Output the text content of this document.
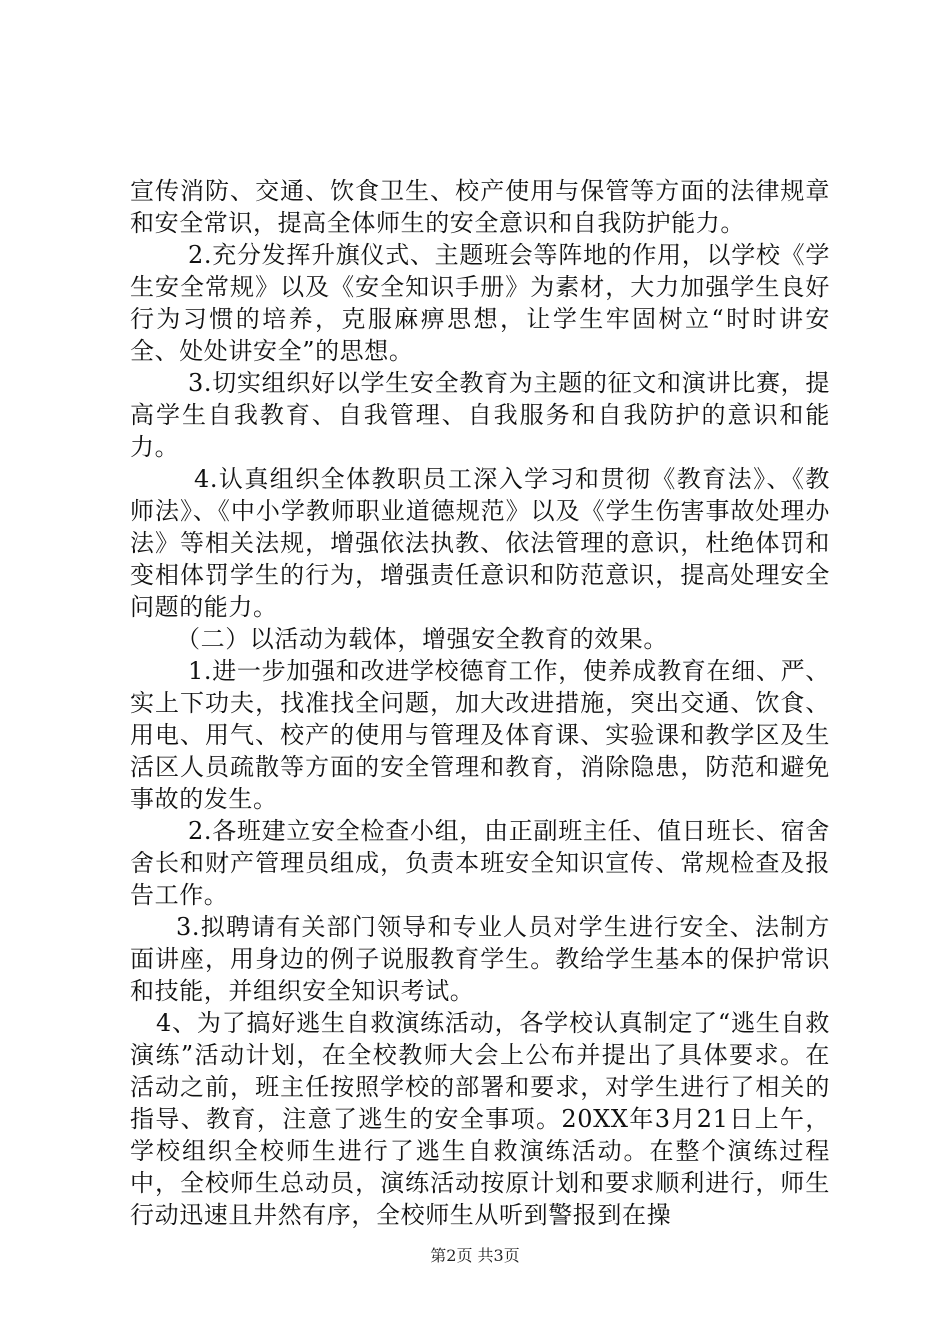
宣传消防、交通、饮食卫生、校产使用与保管等方面的法律规章和安全常识，提高全体师生的安全意识和自我防护能力。

2.充分发挥升旗仪式、主题班会等阵地的作用，以学校《学生安全常规》以及《安全知识手册》为素材，大力加强学生良好行为习惯的培养，克服麻痹思想，让学生牢固树立“时时讲安全、处处讲安全”的思想。

3.切实组织好以学生安全教育为主题的征文和演讲比赛，提高学生自我教育、自我管理、自我服务和自我防护的意识和能力。

4.认真组织全体教职员工深入学习和贯彻《教育法》、《教师法》、《中小学教师职业道德规范》以及《学生伤害事故处理办法》等相关法规，增强依法执教、依法管理的意识，杜绝体罚和变相体罚学生的行为，增强责任意识和防范意识，提高处理安全问题的能力。

（二）以活动为载体，增强安全教育的效果。

1.进一步加强和改进学校德育工作，使养成教育在细、严、实上下功夫，找准找全问题，加大改进措施，突出交通、饮食、用电、用气、校产的使用与管理及体育课、实验课和教学区及生活区人员疏散等方面的安全管理和教育，消除隐患，防范和避免事故的发生。

2.各班建立安全检查小组，由正副班主任、值日班长、宿舍舍长和财产管理员组成，负责本班安全知识宣传、常规检查及报告工作。

3.拟聘请有关部门领导和专业人员对学生进行安全、法制方面讲座，用身边的例子说服教育学生。教给学生基本的保护常识和技能，并组织安全知识考试。

4、为了搞好逃生自救演练活动，各学校认真制定了“逃生自救演练”活动计划，在全校教师大会上公布并提出了具体要求。在活动之前，班主任按照学校的部署和要求，对学生进行了相关的指导、教育，注意了逃生的安全事项。20XX年3月21日上午，学校组织全校师生进行了逃生自救演练活动。在整个演练过程中，全校师生总动员，演练活动按原计划和要求顺利进行，师生行动迅速且井然有序，全校师生从听到警报到在操

第2页 共3页
